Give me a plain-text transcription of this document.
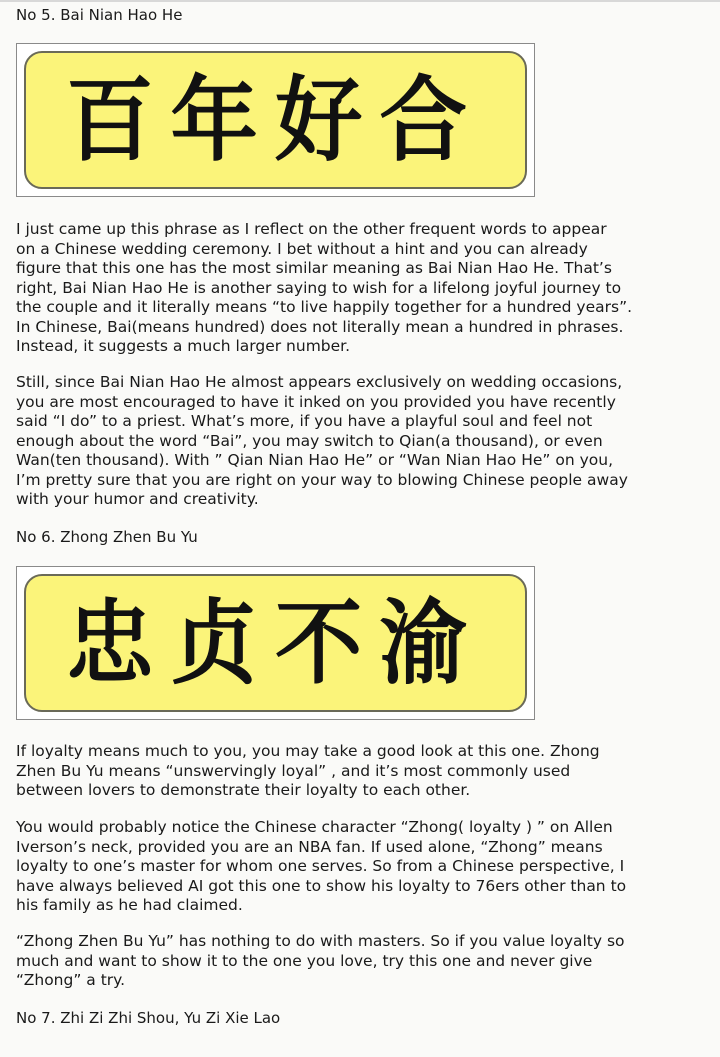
No 5. Bai Nian Hao He
百年好合
I just came up this phrase as I reflect on the other frequent words to appear
on a Chinese wedding ceremony. I bet without a hint and you can already
figure that this one has the most similar meaning as Bai Nian Hao He. That’s
right, Bai Nian Hao He is another saying to wish for a lifelong joyful journey to
the couple and it literally means “to live happily together for a hundred years”.
In Chinese, Bai(means hundred) does not literally mean a hundred in phrases.
Instead, it suggests a much larger number.
Still, since Bai Nian Hao He almost appears exclusively on wedding occasions,
you are most encouraged to have it inked on you provided you have recently
said “I do” to a priest. What’s more, if you have a playful soul and feel not
enough about the word “Bai”, you may switch to Qian(a thousand), or even
Wan(ten thousand). With ” Qian Nian Hao He” or “Wan Nian Hao He” on you,
I’m pretty sure that you are right on your way to blowing Chinese people away
with your humor and creativity.
No 6. Zhong Zhen Bu Yu
忠贞不渝
If loyalty means much to you, you may take a good look at this one. Zhong
Zhen Bu Yu means “unswervingly loyal” , and it’s most commonly used
between lovers to demonstrate their loyalty to each other.
You would probably notice the Chinese character “Zhong( loyalty ) ” on Allen
Iverson’s neck, provided you are an NBA fan. If used alone, “Zhong” means
loyalty to one’s master for whom one serves. So from a Chinese perspective, I
have always believed AI got this one to show his loyalty to 76ers other than to
his family as he had claimed.
“Zhong Zhen Bu Yu” has nothing to do with masters. So if you value loyalty so
much and want to show it to the one you love, try this one and never give
“Zhong” a try.
No 7. Zhi Zi Zhi Shou, Yu Zi Xie Lao
